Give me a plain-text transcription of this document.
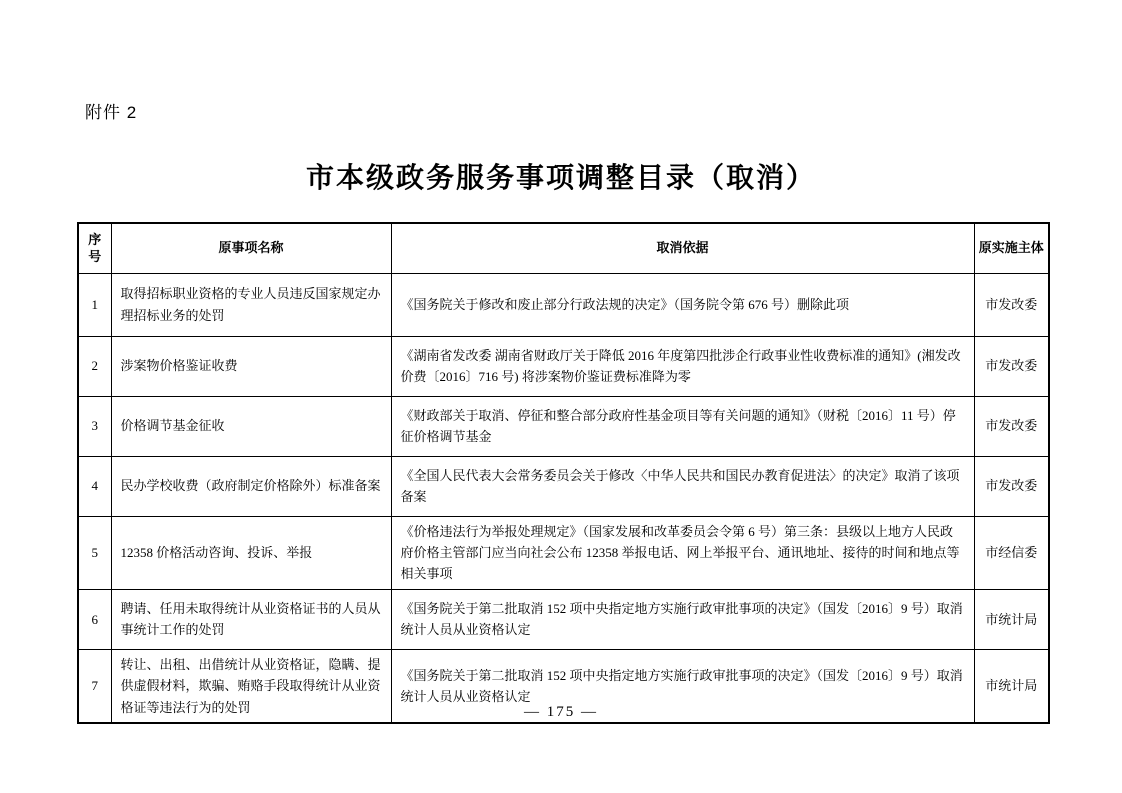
附件 2
市本级政务服务事项调整目录（取消）
序号	原事项名称	取消依据	原实施主体
1	取得招标职业资格的专业人员违反国家规定办理招标业务的处罚	《国务院关于修改和废止部分行政法规的决定》（国务院令第 676 号）删除此项	市发改委
2	涉案物价格鉴证收费	《湖南省发改委 湖南省财政厅关于降低 2016 年度第四批涉企行政事业性收费标准的通知》(湘发改价费〔2016〕716 号) 将涉案物价鉴证费标准降为零	市发改委
3	价格调节基金征收	《财政部关于取消、停征和整合部分政府性基金项目等有关问题的通知》（财税〔2016〕11 号）停征价格调节基金	市发改委
4	民办学校收费（政府制定价格除外）标准备案	《全国人民代表大会常务委员会关于修改〈中华人民共和国民办教育促进法〉的决定》取消了该项备案	市发改委
5	12358 价格活动咨询、投诉、举报	《价格违法行为举报处理规定》（国家发展和改革委员会令第 6 号）第三条：县级以上地方人民政府价格主管部门应当向社会公布 12358 举报电话、网上举报平台、通讯地址、接待的时间和地点等相关事项	市经信委
6	聘请、任用未取得统计从业资格证书的人员从事统计工作的处罚	《国务院关于第二批取消 152 项中央指定地方实施行政审批事项的决定》（国发〔2016〕9 号）取消统计人员从业资格认定	市统计局
7	转让、出租、出借统计从业资格证，隐瞒、提供虚假材料，欺骗、贿赂手段取得统计从业资格证等违法行为的处罚	《国务院关于第二批取消 152 项中央指定地方实施行政审批事项的决定》（国发〔2016〕9 号）取消统计人员从业资格认定	市统计局
— 175 —
